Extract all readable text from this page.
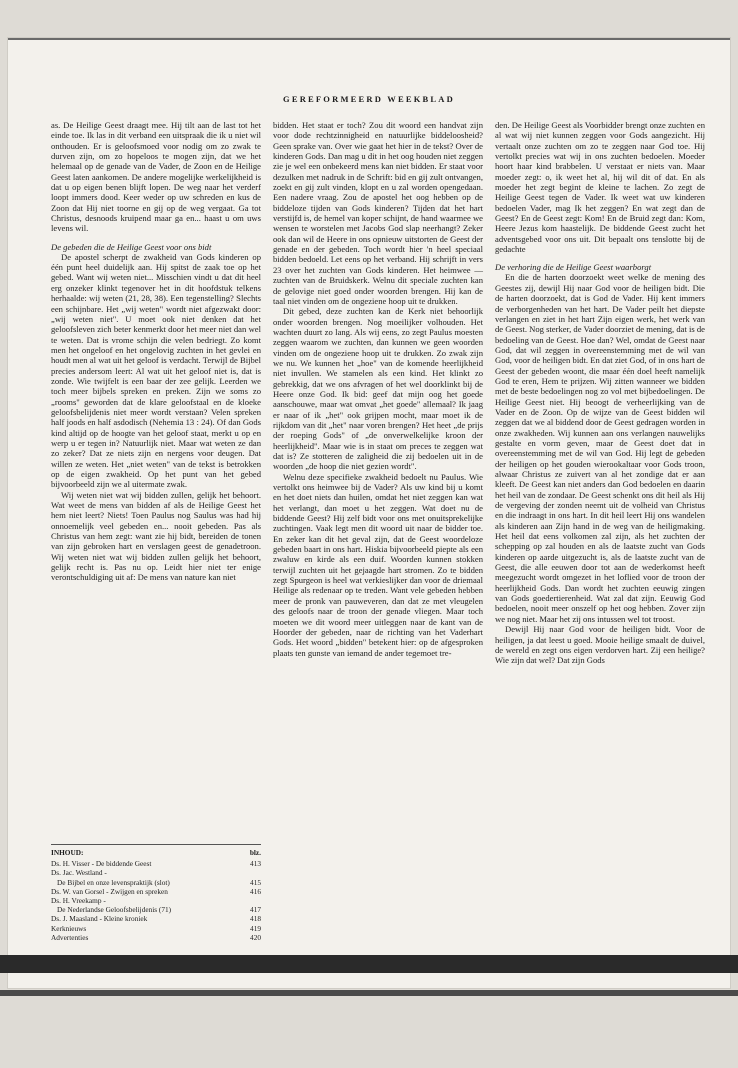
GEREFORMEERD WEEKBLAD

as. De Heilige Geest draagt mee. Hij tilt aan de last tot het einde toe. Ik las in dit verband een uitspraak die ik u niet wil onthouden. Er is geloofsmoed voor nodig om zo zwak te durven zijn, om zo hopeloos te mogen zijn, dat we het helemaal op de genade van de Vader, de Zoon en de Heilige Geest laten aankomen. De andere mogelijke werkelijkheid is dat u op eigen benen blijft lopen. De weg naar het verderf loopt immers dood. Keer weder op uw schreden en kus de Zoon dat Hij niet toorne en gij op de weg vergaat. Ga tot Christus, desnoods kruipend maar ga en... haast u om uws levens wil.

De gebeden die de Heilige Geest voor ons bidt

De apostel scherpt de zwakheid van Gods kinderen op één punt heel duidelijk aan. Hij spitst de zaak toe op het gebed. Want wij weten niet... Misschien vindt u dat dit heel erg onzeker klinkt tegenover het in dit hoofdstuk telkens herhaalde: wij weten (21, 28, 38). Een tegenstelling? Slechts een schijnbare. Het „wij weten" wordt niet afgezwakt door: „wij weten niet". U moet ook niet denken dat het geloofsleven zich beter kenmerkt door het meer niet dan wel te weten. Dat is vrome schijn die velen bedriegt. Zo komt men het ongeloof en het ongelovig zuchten in het gevlei en houdt men al wat uit het geloof is verdacht. Terwijl de Bijbel precies andersom leert: Al wat uit het geloof niet is, dat is zonde. Wie twijfelt is een baar der zee gelijk. Leerden we toch meer bijbels spreken en preken. Zijn we soms zo „rooms" geworden dat de klare geloofstaal en de kloeke geloofsbelijdenis niet meer wordt verstaan? Velen spreken half joods en half asdodisch (Nehemia 13 : 24). Of dan Gods kind altijd op de hoogte van het geloof staat, merkt u op en werp u er tegen in? Natuurlijk niet. Maar wat weten ze dan zo zeker? Dat ze niets zijn en nergens voor deugen. Dat willen ze weten. Het „niet weten" van de tekst is betrokken op de eigen zwakheid. Op het punt van het gebed bijvoorbeeld zijn we al uitermate zwak.

Wij weten niet wat wij bidden zullen, gelijk het behoort. Wat weet de mens van bidden af als de Heilige Geest het hem niet leert? Niets! Toen Paulus nog Saulus was had hij onnoemelijk veel gebeden en... nooit gebeden. Pas als Christus van hem zegt: want zie hij bidt, bereiden de tonen van zijn gebroken hart en verslagen geest de genadetroon. Wij weten niet wat wij bidden zullen gelijk het behoort, gelijk recht is. Pas nu op. Leidt hier niet ter enige verontschuldiging uit af: De mens van nature kan niet

bidden. Het staat er toch? Zou dit woord een handvat zijn voor dode rechtzinnigheid en natuurlijke biddeloosheid? Geen sprake van. Over wie gaat het hier in de tekst? Over de kinderen Gods. Dan mag u dit in het oog houden niet zeggen zie je wel een onbekeerd mens kan niet bidden. Er staat voor dezulken met nadruk in de Schrift: bid en gij zult ontvangen, zoekt en gij zult vinden, klopt en u zal worden opengedaan. Een nadere vraag. Zou de apostel het oog hebben op de biddeloze tijden van Gods kinderen? Tijden dat het hart verstijfd is, de hemel van koper schijnt, de hand waarmee we wensen te worstelen met Jacobs God slap neerhangt? Zeker ook dan wil de Heere in ons opnieuw uitstorten de Geest der genade en der gebeden. Toch wordt hier 'n heel speciaal bidden bedoeld. Let eens op het verband. Hij schrijft in vers 23 over het zuchten van Gods kinderen. Het heimwee — zuchten van de Bruidskerk. Welnu dit speciale zuchten kan de gelovige niet goed onder woorden brengen. Hij kan de taal niet vinden om de ongeziene hoop uit te drukken.

Dit gebed, deze zuchten kan de Kerk niet behoorlijk onder woorden brengen. Nog moeilijker volhouden. Het wachten duurt zo lang. Als wij eens, zo zegt Paulus moesten zeggen waarom we zuchten, dan kunnen we geen woorden vinden om de ongeziene hoop uit te drukken. Zo zwak zijn we nu. We kunnen het „hoe" van de komende heerlijkheid niet invullen. We stamelen als een kind. Het klinkt zo gebrekkig, dat we ons afvragen of het wel doorklinkt bij de Heere onze God. Ik bid: geef dat mijn oog het goede aanschouwe, maar wat omvat „het goede" allemaal? Ik jaag er naar of ik „het" ook grijpen mocht, maar moet ik de rijkdom van dit „het" naar voren brengen? Het heet „de prijs der roeping Gods" of „de onverwelkelijke kroon der heerlijkheid". Maar wie is in staat om preces te zeggen wat dat is? Ze stotteren de zaligheid die zij bedoelen uit in de woorden „de hoop die niet gezien wordt".

Welnu deze specifieke zwakheid bedoelt nu Paulus. Wie vertolkt ons heimwee bij de Vader? Als uw kind bij u komt en het doet niets dan huilen, omdat het niet zeggen kan wat het verlangt, dan moet u het zeggen. Wat doet nu de biddende Geest? Hij zelf bidt voor ons met onuitsprekelijke zuchtingen. Vaak legt men dit woord uit naar de bidder toe. En zeker kan dit het geval zijn, dat de Geest woordeloze gebeden baart in ons hart. Hiskia bijvoorbeeld piepte als een zwaluw en kirde als een duif. Woorden kunnen stokken terwijl zuchten uit het gejaagde hart stromen. Zo te bidden zegt Spurgeon is heel wat verkieslijker dan voor de driemaal Heilige als redenaar op te treden. Want vele gebeden hebben meer de pronk van pauweveren, dan dat ze met vleugelen des geloofs naar de troon der genade vliegen. Maar toch moeten we dit woord meer uitleggen naar de kant van de Hoorder der gebeden, naar de richting van het Vaderhart Gods. Het woord „bidden" betekent hier: op de afgesproken plaats ten gunste van iemand de ander tegemoet tre-

den. De Heilige Geest als Voorbidder brengt onze zuchten en al wat wij niet kunnen zeggen voor Gods aangezicht. Hij vertaalt onze zuchten om zo te zeggen naar God toe. Hij vertolkt precies wat wij in ons zuchten bedoelen. Moeder hoort haar kind brabbelen. U verstaat er niets van. Maar moeder zegt: o, ik weet het al, hij wil dit of dat. En als moeder het zegt begint de kleine te lachen. Zo zegt de Heilige Geest tegen de Vader. Ik weet wat uw kinderen bedoelen Vader, mag Ik het zeggen? En wat zegt dan de Geest? En de Geest zegt: Kom! En de Bruid zegt dan: Kom, Heere Jezus kom haastelijk. De biddende Geest zucht het adventsgebed voor ons uit. Dit bepaalt ons tenslotte bij de gedachte

De verhoring die de Heilige Geest waarborgt

En die de harten doorzoekt weet welke de mening des Geestes zij, dewijl Hij naar God voor de heiligen bidt. Die de harten doorzoekt, dat is God de Vader. Hij kent immers de verborgenheden van het hart. De Vader peilt het diepste verlangen en ziet in het hart Zijn eigen werk, het werk van de Geest. Nog sterker, de Vader doorziet de mening, dat is de bedoeling van de Geest. Hoe dan? Wel, omdat de Geest naar God, dat wil zeggen in overeenstemming met de wil van God, voor de heiligen bidt. En dat ziet God, of in ons hart de Geest der gebeden woont, die maar één doel heeft namelijk God te eren, Hem te prijzen. Wij zitten wanneer we bidden met de beste bedoelingen nog zo vol met bijbedoelingen. De Heilige Geest niet. Hij beoogt de verheerlijking van de Vader en de Zoon. Op de wijze van de Geest bidden wil zeggen dat we al biddend door de Geest gedragen worden in onze zwakheden. Wij kunnen aan ons verlangen nauwelijks gestalte en vorm geven, maar de Geest doet dat in overeenstemming met de wil van God. Hij legt de gebeden der heiligen op het gouden wierookaltaar voor Gods troon, alwaar Christus ze zuivert van al het zondige dat er aan kleeft. De Geest kan niet anders dan God bedoelen en daarin het heil van de zondaar. De Geest schenkt ons dit heil als Hij de vergeving der zonden neemt uit de volheid van Christus en die indraagt in ons hart. In dit heil leert Hij ons wandelen als kinderen aan Zijn hand in de weg van de heiligmaking. Het heil dat eens volkomen zal zijn, als het zuchten der schepping op zal houden en als de laatste zucht van Gods kinderen op aarde uitgezucht is, als de laatste zucht van de Geest, die alle eeuwen door tot aan de wederkomst heeft meegezucht wordt omgezet in het loflied voor de troon der heerlijkheid Gods. Dan wordt het zuchten eeuwig zingen van Gods goedertierenheid. Wat zal dat zijn. Eeuwig God bedoelen, nooit meer onszelf op het oog hebben. Zover zijn we nog niet. Maar het zij ons intussen wel tot troost.

Dewijl Hij naar God voor de heiligen bidt. Voor de heiligen, ja dat leest u goed. Mooie heilige smaalt de duivel, de wereld en zegt ons eigen verdorven hart. Zij een heilige? Wie zijn dat wel? Dat zijn Gods

INHOUD:	blz.
Ds. H. Visser - De biddende Geest	413
Ds. Jac. Westland -
De Bijbel en onze levenspraktijk (slot)	415
Ds. W. van Gorsel - Zwijgen en spreken	416
Ds. H. Vreekamp -
De Nederlandse Geloofsbelijdenis (71)	417
Ds. J. Maasland - Kleine kroniek	418
Kerknieuws	419
Advertenties	420
